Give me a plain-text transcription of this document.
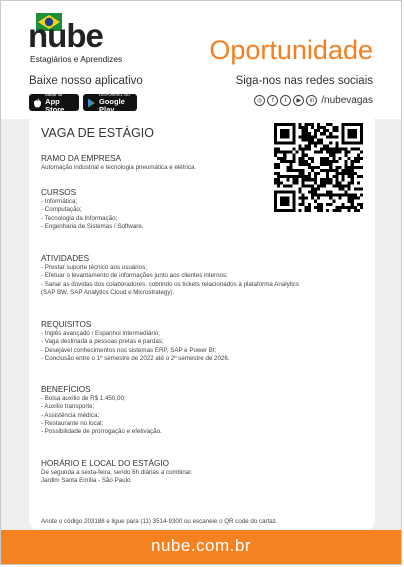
nube
Estagiários e Aprendizes	Oportunidade
Baixe nosso aplicativo	Siga-nos nas redes sociais
Baixar na
App Store
DISPONÍVEL NO
Google Play
◎	f	t	▶	in /nubevagas
VAGA DE ESTÁGIO
RAMO DA EMPRESA
Automação industrial e tecnologia pneumática e elétrica.
CURSOS
- Informática;
- Computação;
- Tecnologia da Informação;
- Engenharia de Sistemas / Software.
ATIVIDADES
- Prestar suporte técnico aos usuários;
- Efetuar o levantamento de informações junto aos clientes internos;
- Sanar as dúvidas dos colaboradores, cobrindo os tickets relacionados à plataforma Analytics
(SAP BW, SAP Analytics Cloud e Microstrategy).
REQUISITOS
- Inglês avançado / Espanhol intermediário;
- Vaga destinada a pessoas pretas e pardas;
- Desejável conhecimentos nos sistemas ERP, SAP e Power BI;
- Conclusão entre o 1º semestre de 2022 até o 2º semestre de 2026.
BENEFÍCIOS
- Bolsa auxílio de R$ 1.450,00;
- Auxílio transporte;
- Assistência médica;
- Restaurante no local;
- Possibilidade de prorrogação e efetivação.
HORÁRIO E LOCAL DO ESTÁGIO
De segunda a sexta-feira, sendo 6h diárias a combinar.
Jardim Santa Emília - São Paulo
Anote o código 203188 e ligue para (11) 3514-9300 ou escaneie o QR code do cartaz.
nube.com.br
